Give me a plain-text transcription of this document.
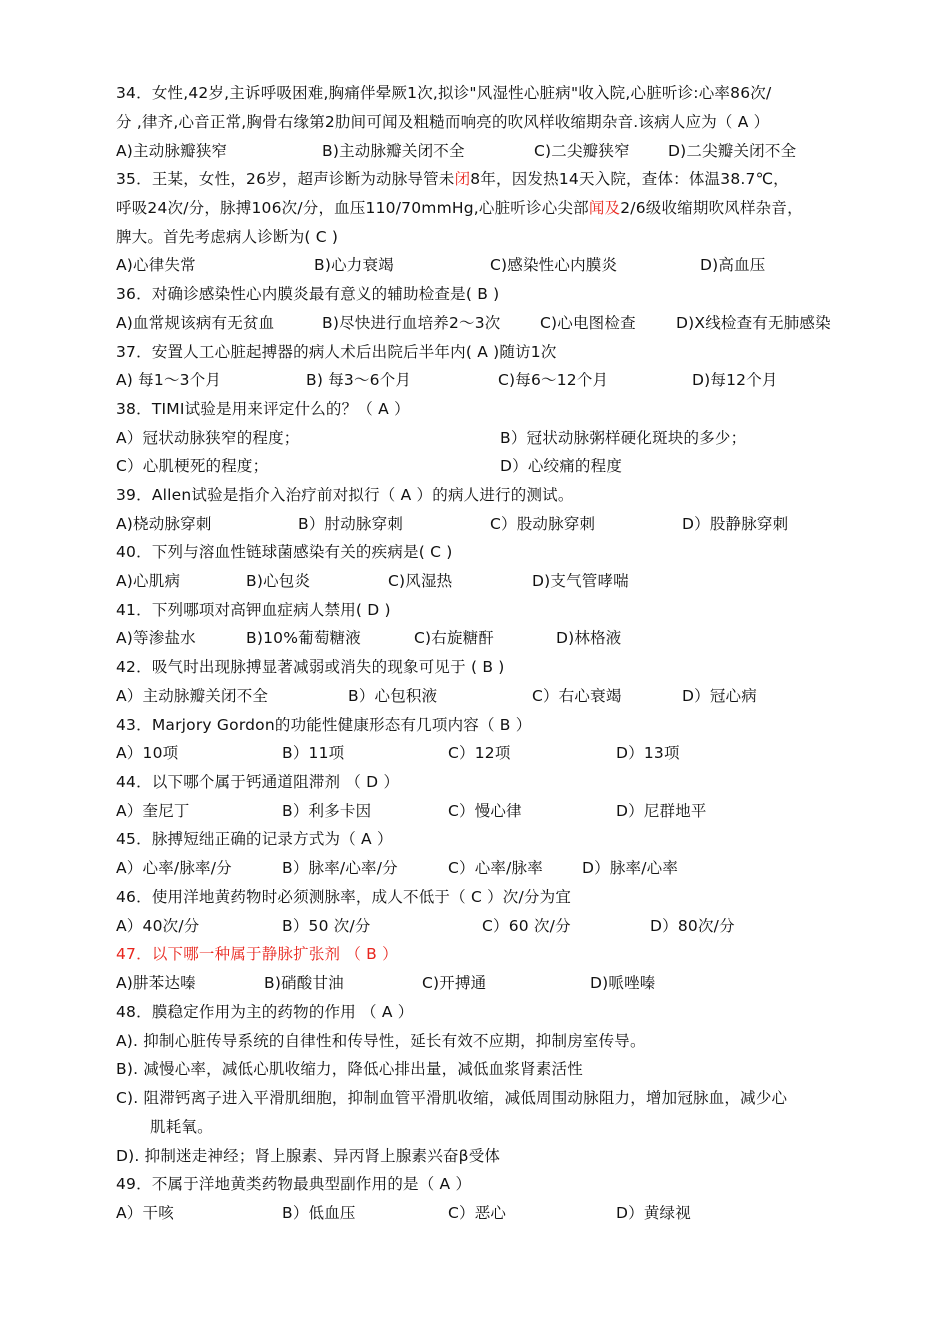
34．女性,42岁,主诉呼吸困难,胸痛伴晕厥1次,拟诊"风湿性心脏病"收入院,心脏听诊:心率86次/
分 ,律齐,心音正常,胸骨右缘第2肋间可闻及粗糙而响亮的吹风样收缩期杂音.该病人应为（ A ）
A)主动脉瓣狭窄	B)主动脉瓣关闭不全	C)二尖瓣狭窄 D)二尖瓣关闭不全
35．王某，女性，26岁，超声诊断为动脉导管未闭8年，因发热14天入院，查体：体温38.7℃，
呼吸24次/分，脉搏106次/分，血压110/70mmHg,心脏听诊心尖部闻及2/6级收缩期吹风样杂音，
脾大。首先考虑病人诊断为( C )
A)心律失常	B)心力衰竭	C)感染性心内膜炎	D)高血压
36．对确诊感染性心内膜炎最有意义的辅助检查是( B )
A)血常规该病有无贫血	B)尽快进行血培养2～3次	C)心电图检查	D)X线检查有无肺感染
37．安置人工心脏起搏器的病人术后出院后半年内( A )随访1次
A) 每1～3个月	B) 每3～6个月	C)每6～12个月	D)每12个月
38．TIMI试验是用来评定什么的？（ A ）
A）冠状动脉狭窄的程度；	B）冠状动脉粥样硬化斑块的多少；
C）心肌梗死的程度；	D）心绞痛的程度
39．Allen试验是指介入治疗前对拟行（ A ）的病人进行的测试。
A)桡动脉穿刺	B）肘动脉穿刺	C）股动脉穿刺	D）股静脉穿刺
40．下列与溶血性链球菌感染有关的疾病是( C )
A)心肌病	B)心包炎	C)风湿热	D)支气管哮喘
41．下列哪项对高钾血症病人禁用( D )
A)等渗盐水	B)10%葡萄糖液	C)右旋糖酐	D)林格液
42．吸气时出现脉搏显著减弱或消失的现象可见于 ( B )
A）主动脉瓣关闭不全	B）心包积液	C）右心衰竭	D）冠心病
43．Marjory Gordon的功能性健康形态有几项内容（ B ）
A）10项	B）11项	C）12项	D）13项
44．以下哪个属于钙通道阻滞剂 （ D ）
A）奎尼丁	B）利多卡因	C）慢心律	D）尼群地平
45．脉搏短绌正确的记录方式为（ A ）
A）心率/脉率/分	B）脉率/心率/分	C）心率/脉率	D）脉率/心率
46．使用洋地黄药物时必须测脉率，成人不低于（ C ）次/分为宜
A）40次/分	B）50 次/分	C）60 次/分	D）80次/分
47．以下哪一种属于静脉扩张剂 （ B ）
A)肼苯达嗪	B)硝酸甘油	C)开搏通	D)哌唑嗪
48．膜稳定作用为主的药物的作用 （ A ）
A). 抑制心脏传导系统的自律性和传导性，延长有效不应期，抑制房室传导。
B). 减慢心率，减低心肌收缩力，降低心排出量，减低血浆肾素活性
C). 阻滞钙离子进入平滑肌细胞，抑制血管平滑肌收缩，减低周围动脉阻力，增加冠脉血，减少心
肌耗氧。
D). 抑制迷走神经；肾上腺素、异丙肾上腺素兴奋β受体
49．不属于洋地黄类药物最典型副作用的是（ A ）
A）干咳	B）低血压	C）恶心	D）黄绿视
